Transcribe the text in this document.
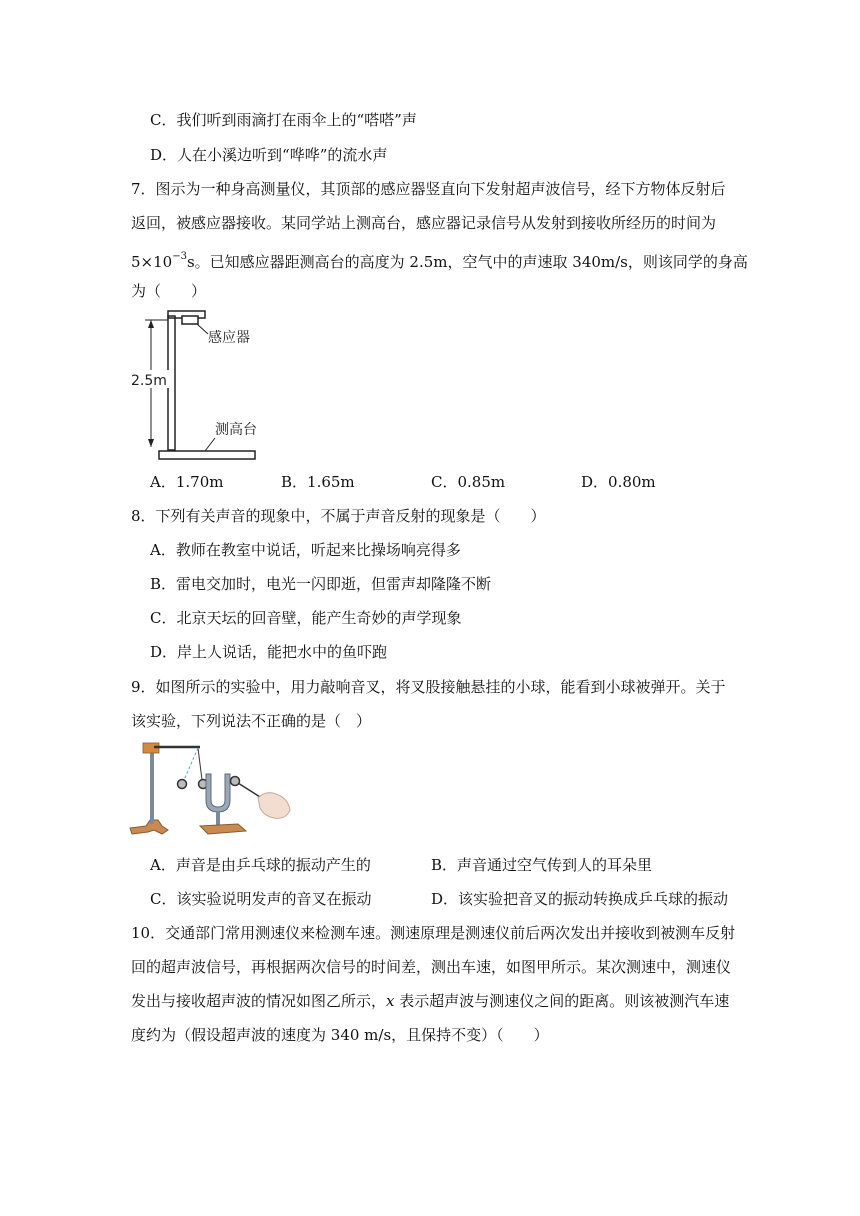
C．我们听到雨滴打在雨伞上的“嗒嗒”声
D．人在小溪边听到“哗哗”的流水声
7．图示为一种身高测量仪，其顶部的感应器竖直向下发射超声波信号，经下方物体反射后
返回，被感应器接收。某同学站上测高台，感应器记录信号从发射到接收所经历的时间为
$5\times 10^{-3}s$。已知感应器距测高台的高度为 2.5m，空气中的声速取 340m/s，则该同学的身高
为（　　）
感应器
2.5m
测高台
A．1.70m	B．1.65m	C．0.85m	D．0.80m
8．下列有关声音的现象中，不属于声音反射的现象是（　　）
A．教师在教室中说话，听起来比操场响亮得多
B．雷电交加时，电光一闪即逝，但雷声却隆隆不断
C．北京天坛的回音壁，能产生奇妙的声学现象
D．岸上人说话，能把水中的鱼吓跑
9．如图所示的实验中，用力敲响音叉，将叉股接触悬挂的小球，能看到小球被弹开。关于
该实验，下列说法不正确的是（　）
A．声音是由乒乓球的振动产生的	B．声音通过空气传到人的耳朵里
C．该实验说明发声的音叉在振动	D．该实验把音叉的振动转换成乒乓球的振动
10．交通部门常用测速仪来检测车速。测速原理是测速仪前后两次发出并接收到被测车反射
回的超声波信号，再根据两次信号的时间差，测出车速，如图甲所示。某次测速中，测速仪
发出与接收超声波的情况如图乙所示，x 表示超声波与测速仪之间的距离。则该被测汽车速
度约为（假设超声波的速度为 340 m/s，且保持不变）（　　）
